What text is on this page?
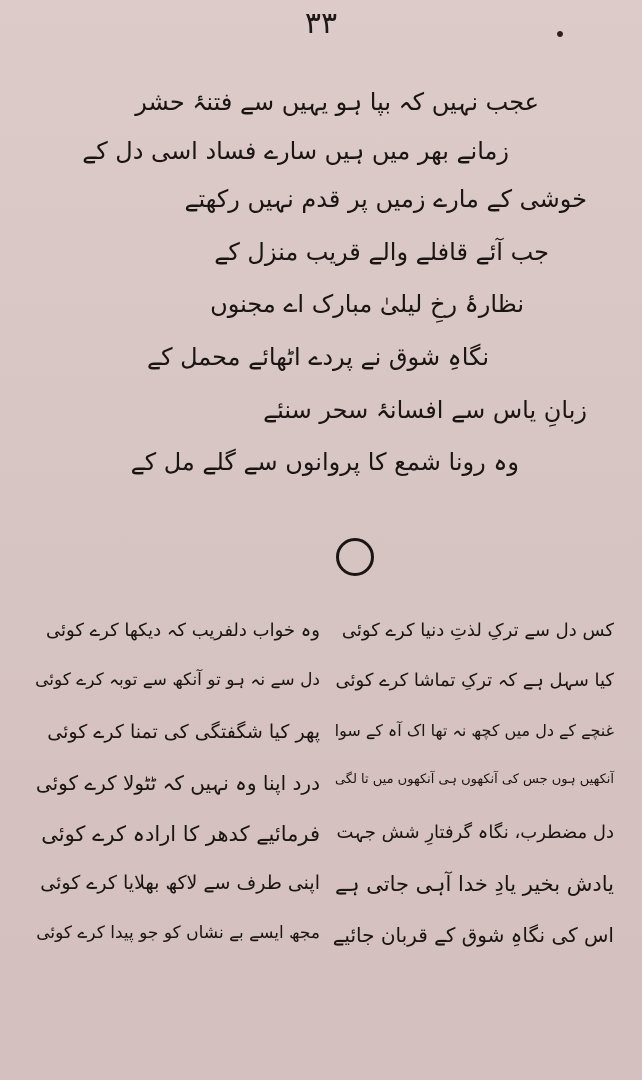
۳۳
عجب نہیں کہ بپا ہو یہیں سے فتنۂ حشر
زمانے بھر میں ہیں سارے فساد اسی دل کے
خوشی کے مارے زمیں پر قدم نہیں رکھتے
جب آئے قافلے والے قریب منزل کے
نظارۂ رخِ لیلیٰ مبارک اے مجنوں
نگاہِ شوق نے پردے اٹھائے محمل کے
زبانِ یاس سے افسانۂ سحر سنئے
وہ رونا شمع کا پروانوں سے گلے مل کے
کس دل سے ترکِ لذتِ دنیا کرے کوئی
کیا سہل ہے کہ ترکِ تماشا کرے کوئی
غنچے کے دل میں کچھ نہ تھا اک آہ کے سوا
آنکھیں ہوں جس کی آنکھوں ہی آنکھوں میں تا لگی
دل مضطرب، نگاہ گرفتارِ شش جہت
یادش بخیر یادِ خدا آہی جاتی ہے
اس کی نگاہِ شوق کے قربان جائیے
وہ خواب دلفریب کہ دیکھا کرے کوئی
دل سے نہ ہو تو آنکھ سے توبہ کرے کوئی
پھر کیا شگفتگی کی تمنا کرے کوئی
درد اپنا وہ نہیں کہ ٹٹولا کرے کوئی
فرمائیے کدھر کا ارادہ کرے کوئی
اپنی طرف سے لاکھ بھلایا کرے کوئی
مجھ ایسے بے نشاں کو جو پیدا کرے کوئی
